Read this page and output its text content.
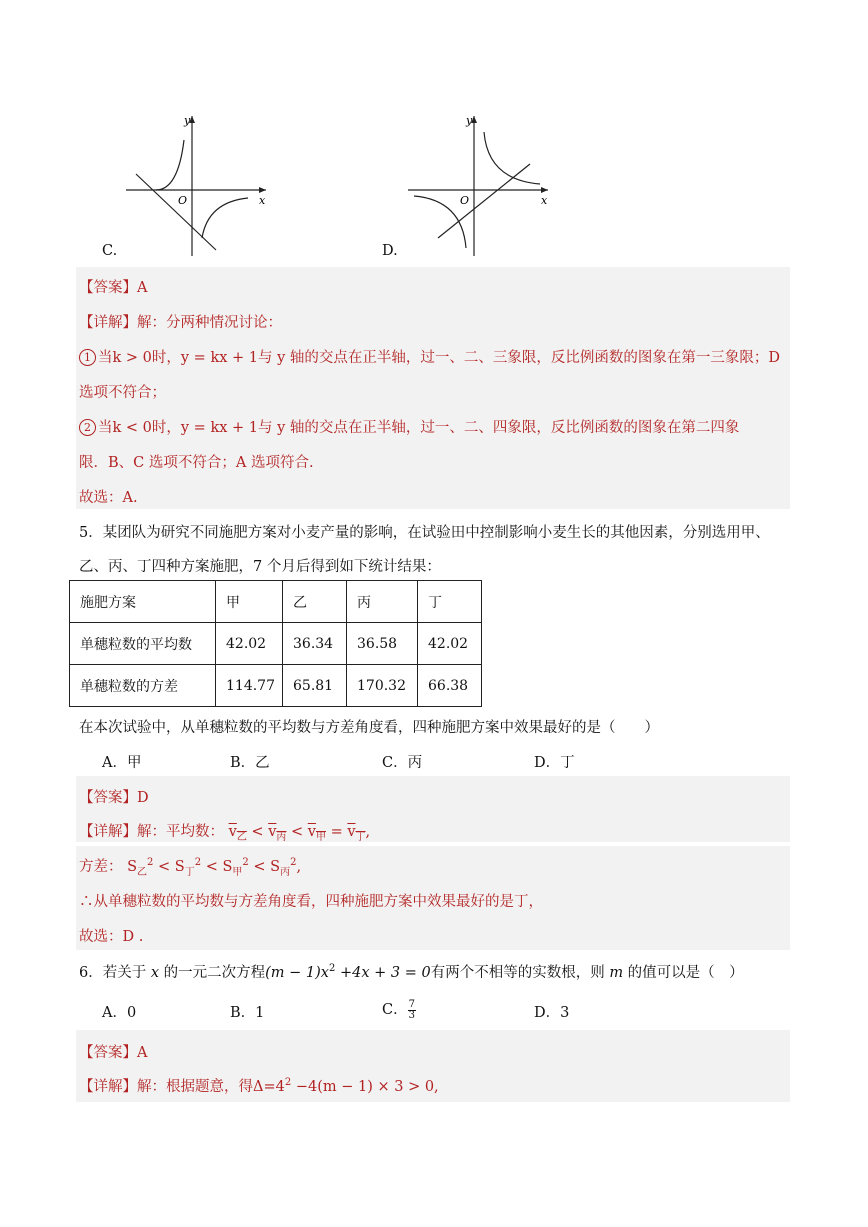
y
x
O
C.
y
x
O
D.
【答案】A
【详解】解：分两种情况讨论：
1 当k > 0时，y = kx + 1与 y 轴的交点在正半轴，过一、二、三象限，反比例函数的图象在第一三象限；D
选项不符合；
2 当k < 0时，y = kx + 1与 y 轴的交点在正半轴，过一、二、四象限，反比例函数的图象在第二四象
限．B、C 选项不符合；A 选项符合.
故选：A.
5．某团队为研究不同施肥方案对小麦产量的影响，在试验田中控制影响小麦生长的其他因素，分别选用甲、
乙、丙、丁四种方案施肥，7 个月后得到如下统计结果：
施肥方案	甲	乙	丙	丁
单穗粒数的平均数	42.02	36.34	36.58	42.02
单穗粒数的方差	114.77	65.81	170.32	66.38
在本次试验中，从单穗粒数的平均数与方差角度看，四种施肥方案中效果最好的是（　　）
A．甲	B．乙	C．丙	D．丁
【答案】D
【详解】解：平均数： $v_乙 < v_丙 < v_甲 = v_丁$,
方差： $S_乙^2 < S_丁^2 < S_甲^2 < S_丙^2$,
∴从单穗粒数的平均数与方差角度看，四种施肥方案中效果最好的是丁，
故选：D .
6．若关于 x 的一元二次方程$(m - 1)x^2 +4x + 3 = 0$有两个不相等的实数根，则 m 的值可以是（　）
A．0	B．1	C． $\frac{7}{3}$	D．3
【答案】A
【详解】解：根据题意，得$\Delta=4^2 -4(m - 1) \times 3 > 0$,
